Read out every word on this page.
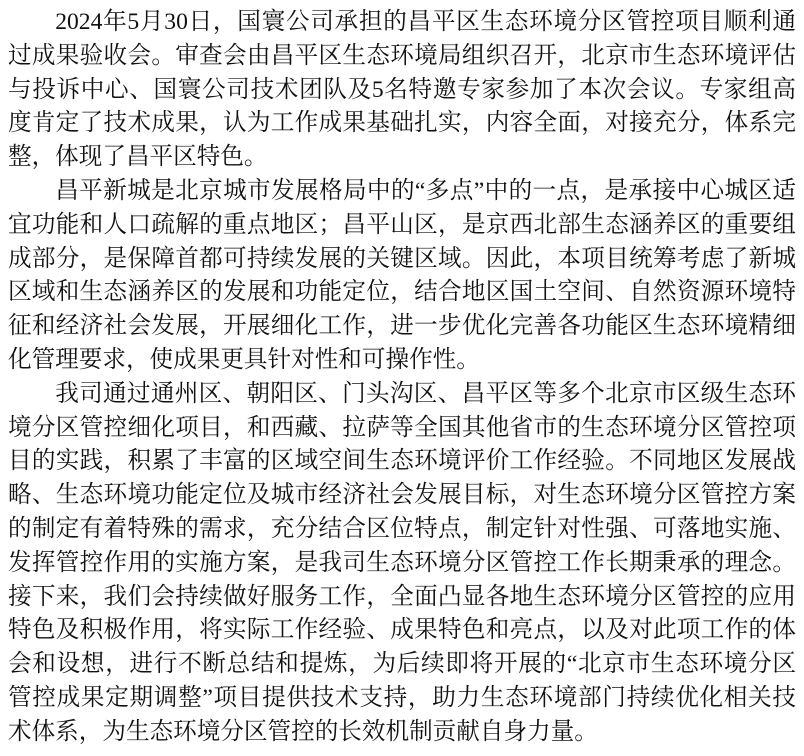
2024年5月30日，国寰公司承担的昌平区生态环境分区管控项目顺利通过成果验收会。审查会由昌平区生态环境局组织召开，北京市生态环境评估与投诉中心、国寰公司技术团队及5名特邀专家参加了本次会议。专家组高度肯定了技术成果，认为工作成果基础扎实，内容全面，对接充分，体系完整，体现了昌平区特色。

昌平新城是北京城市发展格局中的“多点”中的一点，是承接中心城区适宜功能和人口疏解的重点地区；昌平山区，是京西北部生态涵养区的重要组成部分，是保障首都可持续发展的关键区域。因此，本项目统筹考虑了新城区域和生态涵养区的发展和功能定位，结合地区国土空间、自然资源环境特征和经济社会发展，开展细化工作，进一步优化完善各功能区生态环境精细化管理要求，使成果更具针对性和可操作性。

我司通过通州区、朝阳区、门头沟区、昌平区等多个北京市区级生态环境分区管控细化项目，和西藏、拉萨等全国其他省市的生态环境分区管控项目的实践，积累了丰富的区域空间生态环境评价工作经验。不同地区发展战略、生态环境功能定位及城市经济社会发展目标，对生态环境分区管控方案的制定有着特殊的需求，充分结合区位特点，制定针对性强、可落地实施、发挥管控作用的实施方案，是我司生态环境分区管控工作长期秉承的理念。接下来，我们会持续做好服务工作，全面凸显各地生态环境分区管控的应用特色及积极作用，将实际工作经验、成果特色和亮点，以及对此项工作的体会和设想，进行不断总结和提炼，为后续即将开展的“北京市生态环境分区管控成果定期调整”项目提供技术支持，助力生态环境部门持续优化相关技术体系，为生态环境分区管控的长效机制贡献自身力量。
